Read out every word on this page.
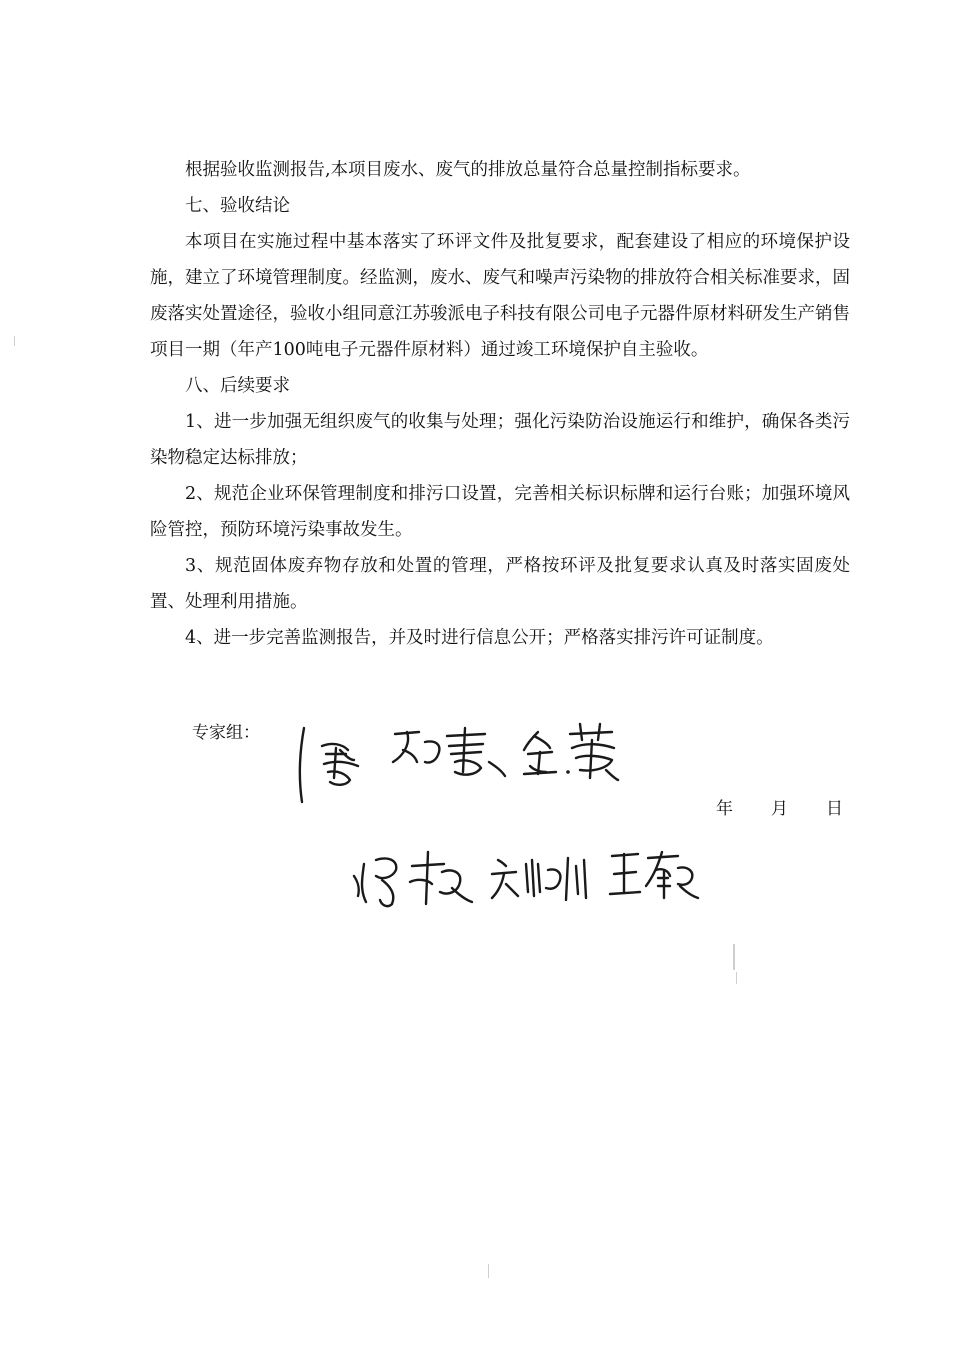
根据验收监测报告,本项目废水、废气的排放总量符合总量控制指标要求。

七、验收结论

本项目在实施过程中基本落实了环评文件及批复要求，配套建设了相应的环境保护设施，建立了环境管理制度。经监测，废水、废气和噪声污染物的排放符合相关标准要求，固废落实处置途径，验收小组同意江苏骏派电子科技有限公司电子元器件原材料研发生产销售项目一期（年产100吨电子元器件原材料）通过竣工环境保护自主验收。

八、后续要求

1、进一步加强无组织废气的收集与处理；强化污染防治设施运行和维护，确保各类污染物稳定达标排放；

2、规范企业环保管理制度和排污口设置，完善相关标识标牌和运行台账；加强环境风险管控，预防环境污染事故发生。

3、规范固体废弃物存放和处置的管理，严格按环评及批复要求认真及时落实固废处置、处理利用措施。

4、进一步完善监测报告，并及时进行信息公开；严格落实排污许可证制度。

专家组：
年 月 日
